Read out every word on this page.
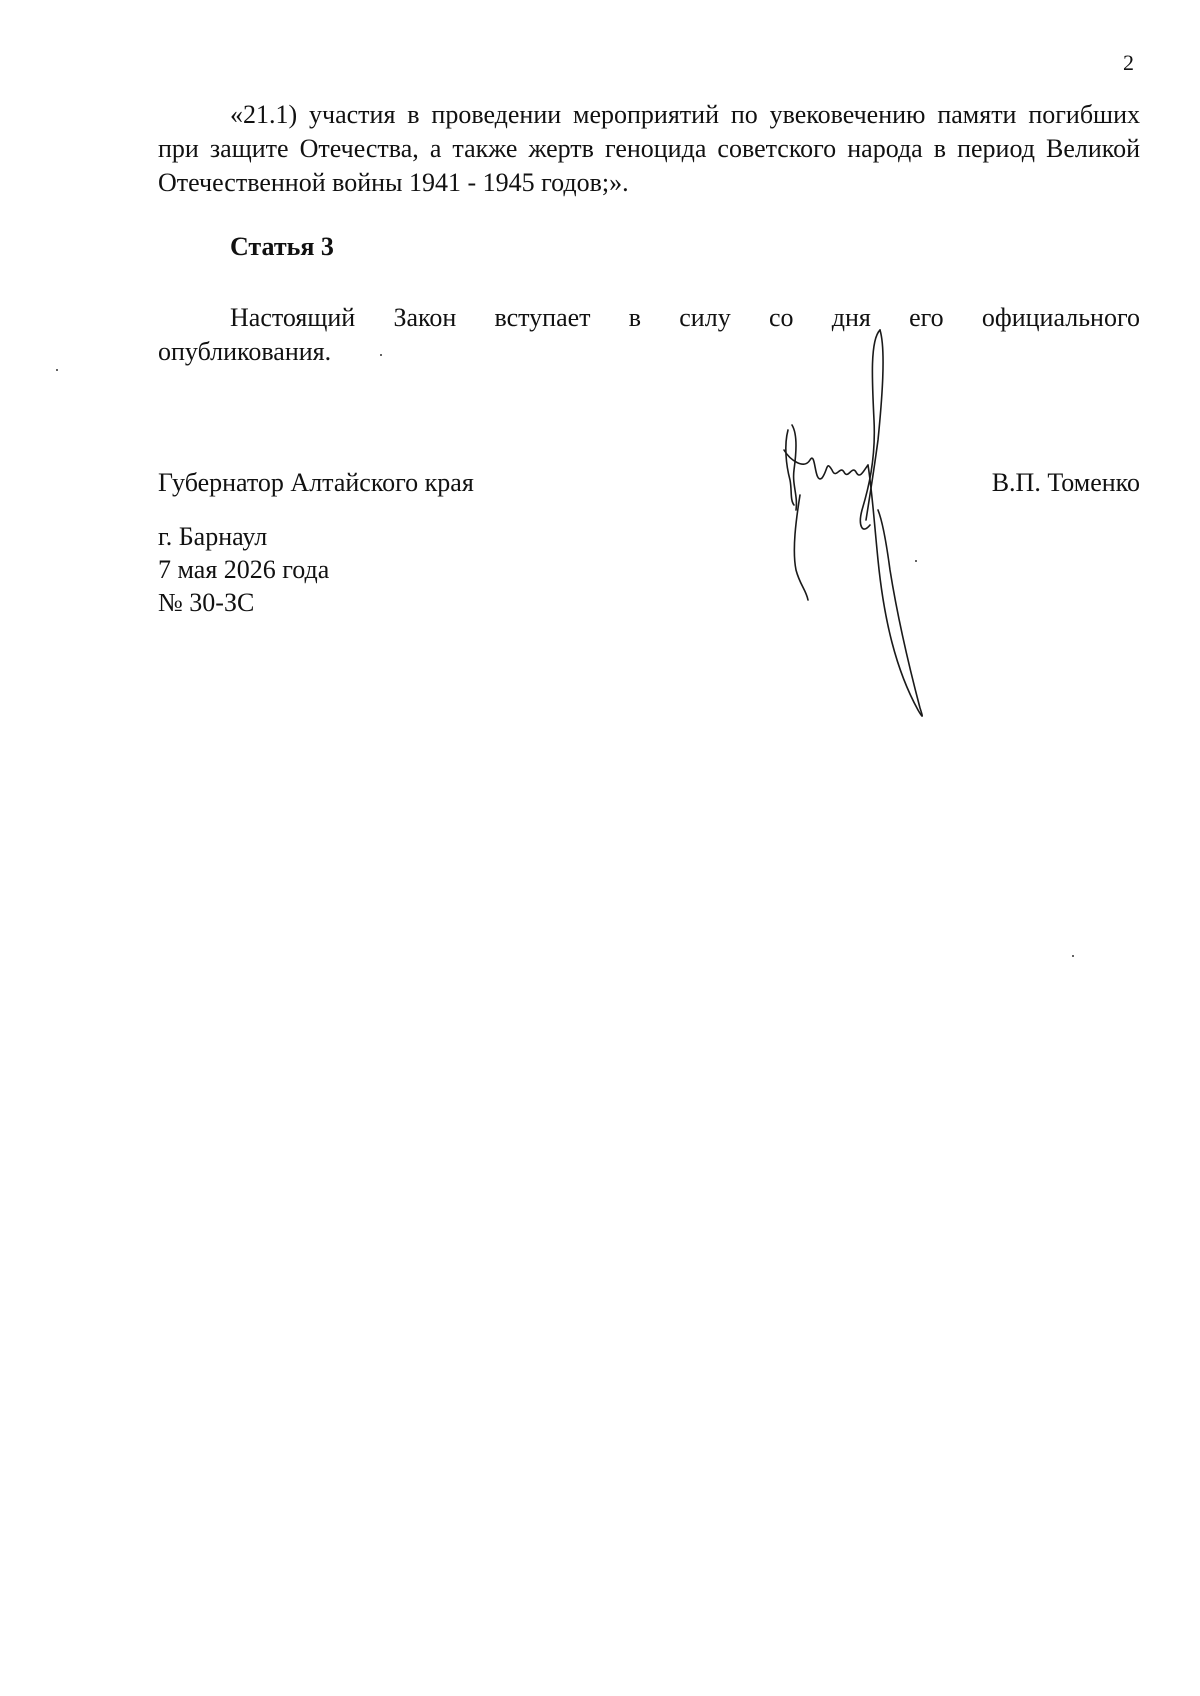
2

«21.1) участия в проведении мероприятий по увековечению памяти погибших при защите Отечества, а также жертв геноцида советского народа в период Великой Отечественной войны 1941 - 1945 годов;».

Статья 3
Настоящий Закон вступает в силу со дня его официального
опубликования.
Губернатор Алтайского края	В.П. Томенко
г. Барнаул
7 мая 2026 года
№ 30-ЗС
